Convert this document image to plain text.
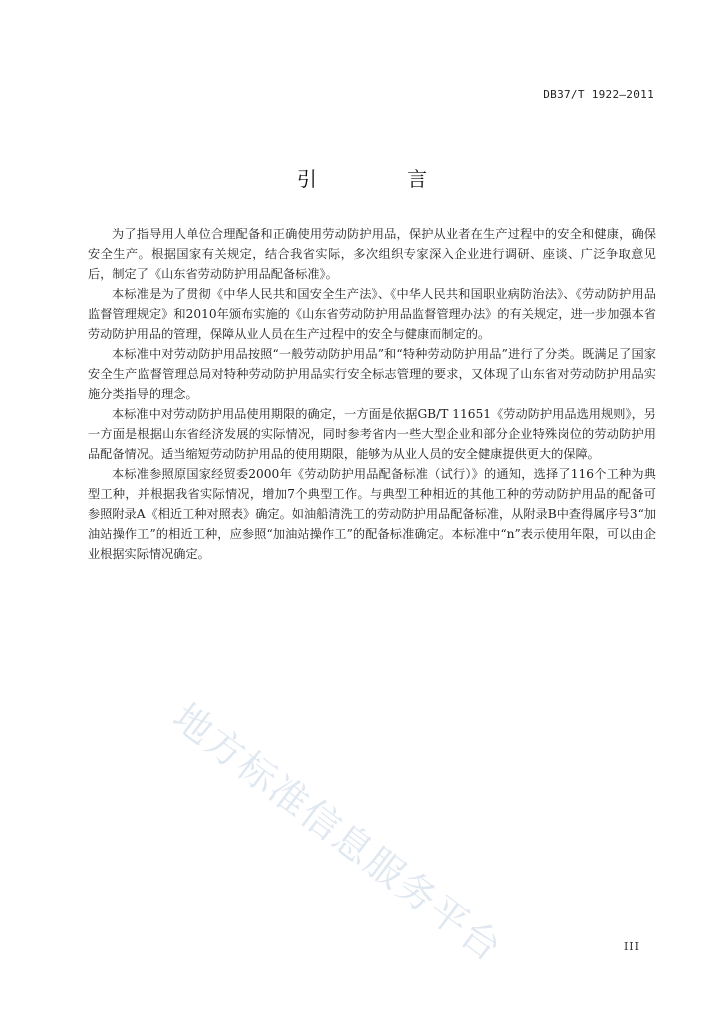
DB37/T 1922—2011
引 言

为了指导用人单位合理配备和正确使用劳动防护用品，保护从业者在生产过程中的安全和健康，确保安全生产。根据国家有关规定，结合我省实际，多次组织专家深入企业进行调研、座谈、广泛争取意见后，制定了《山东省劳动防护用品配备标准》。

本标准是为了贯彻《中华人民共和国安全生产法》、《中华人民共和国职业病防治法》、《劳动防护用品监督管理规定》和2010年颁布实施的《山东省劳动防护用品监督管理办法》的有关规定，进一步加强本省劳动防护用品的管理，保障从业人员在生产过程中的安全与健康而制定的。

本标准中对劳动防护用品按照“一般劳动防护用品”和“特种劳动防护用品”进行了分类。既满足了国家安全生产监督管理总局对特种劳动防护用品实行安全标志管理的要求，又体现了山东省对劳动防护用品实施分类指导的理念。

本标准中对劳动防护用品使用期限的确定，一方面是依据GB/T 11651《劳动防护用品选用规则》，另一方面是根据山东省经济发展的实际情况，同时参考省内一些大型企业和部分企业特殊岗位的劳动防护用品配备情况。适当缩短劳动防护用品的使用期限，能够为从业人员的安全健康提供更大的保障。

本标准参照原国家经贸委2000年《劳动防护用品配备标准（试行）》的通知，选择了116个工种为典型工种，并根据我省实际情况，增加7个典型工作。与典型工种相近的其他工种的劳动防护用品的配备可参照附录A《相近工种对照表》确定。如油船清洗工的劳动防护用品配备标准，从附录B中查得属序号3“加油站操作工”的相近工种，应参照“加油站操作工”的配备标准确定。本标准中“n”表示使用年限，可以由企业根据实际情况确定。

地方标准信息服务平台	III
